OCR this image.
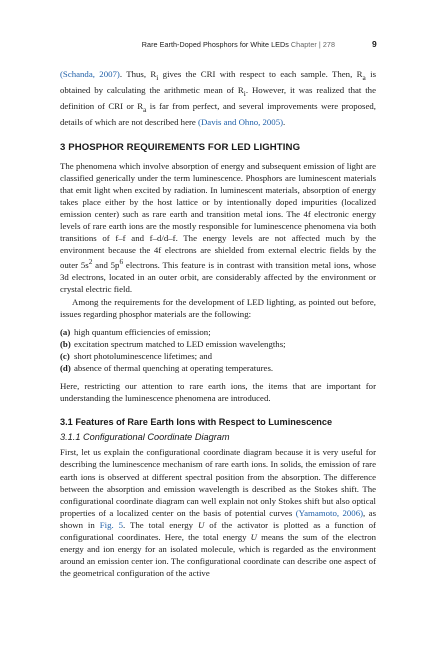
Rare Earth-Doped Phosphors for White LEDs Chapter | 278	9

(Schanda, 2007). Thus, $R_i$ gives the CRI with respect to each sample. Then, $R_a$ is obtained by calculating the arithmetic mean of $R_i$. However, it was realized that the definition of CRI or $R_a$ is far from perfect, and several improvements were proposed, details of which are not described here (Davis and Ohno, 2005).

3 PHOSPHOR REQUIREMENTS FOR LED LIGHTING

The phenomena which involve absorption of energy and subsequent emission of light are classified generically under the term luminescence. Phosphors are luminescent materials that emit light when excited by radiation. In luminescent materials, absorption of energy takes place either by the host lattice or by intentionally doped impurities (localized emission center) such as rare earth and transition metal ions. The 4f electronic energy levels of rare earth ions are the mostly responsible for luminescence phenomena via both transitions of f–f and f–d/d–f. The energy levels are not affected much by the environment because the 4f electrons are shielded from external electric fields by the outer $5s^2$ and $5p^6$ electrons. This feature is in contrast with transition metal ions, whose 3d electrons, located in an outer orbit, are considerably affected by the environment or crystal electric field.

Among the requirements for the development of LED lighting, as pointed out before, issues regarding phosphor materials are the following:

(a) high quantum efficiencies of emission;
(b) excitation spectrum matched to LED emission wavelengths;
(c) short photoluminescence lifetimes; and
(d) absence of thermal quenching at operating temperatures.

Here, restricting our attention to rare earth ions, the items that are important for understanding the luminescence phenomena are introduced.

3.1 Features of Rare Earth Ions with Respect to Luminescence
3.1.1 Configurational Coordinate Diagram

First, let us explain the configurational coordinate diagram because it is very useful for describing the luminescence mechanism of rare earth ions. In solids, the emission of rare earth ions is observed at different spectral position from the absorption. The difference between the absorption and emission wavelength is described as the Stokes shift. The configurational coordinate diagram can well explain not only Stokes shift but also optical properties of a localized center on the basis of potential curves (Yamamoto, 2006), as shown in Fig. 5. The total energy U of the activator is plotted as a function of configurational coordinates. Here, the total energy U means the sum of the electron energy and ion energy for an isolated molecule, which is regarded as the environment around an emission center ion. The configurational coordinate can describe one aspect of the geometrical configuration of the active
